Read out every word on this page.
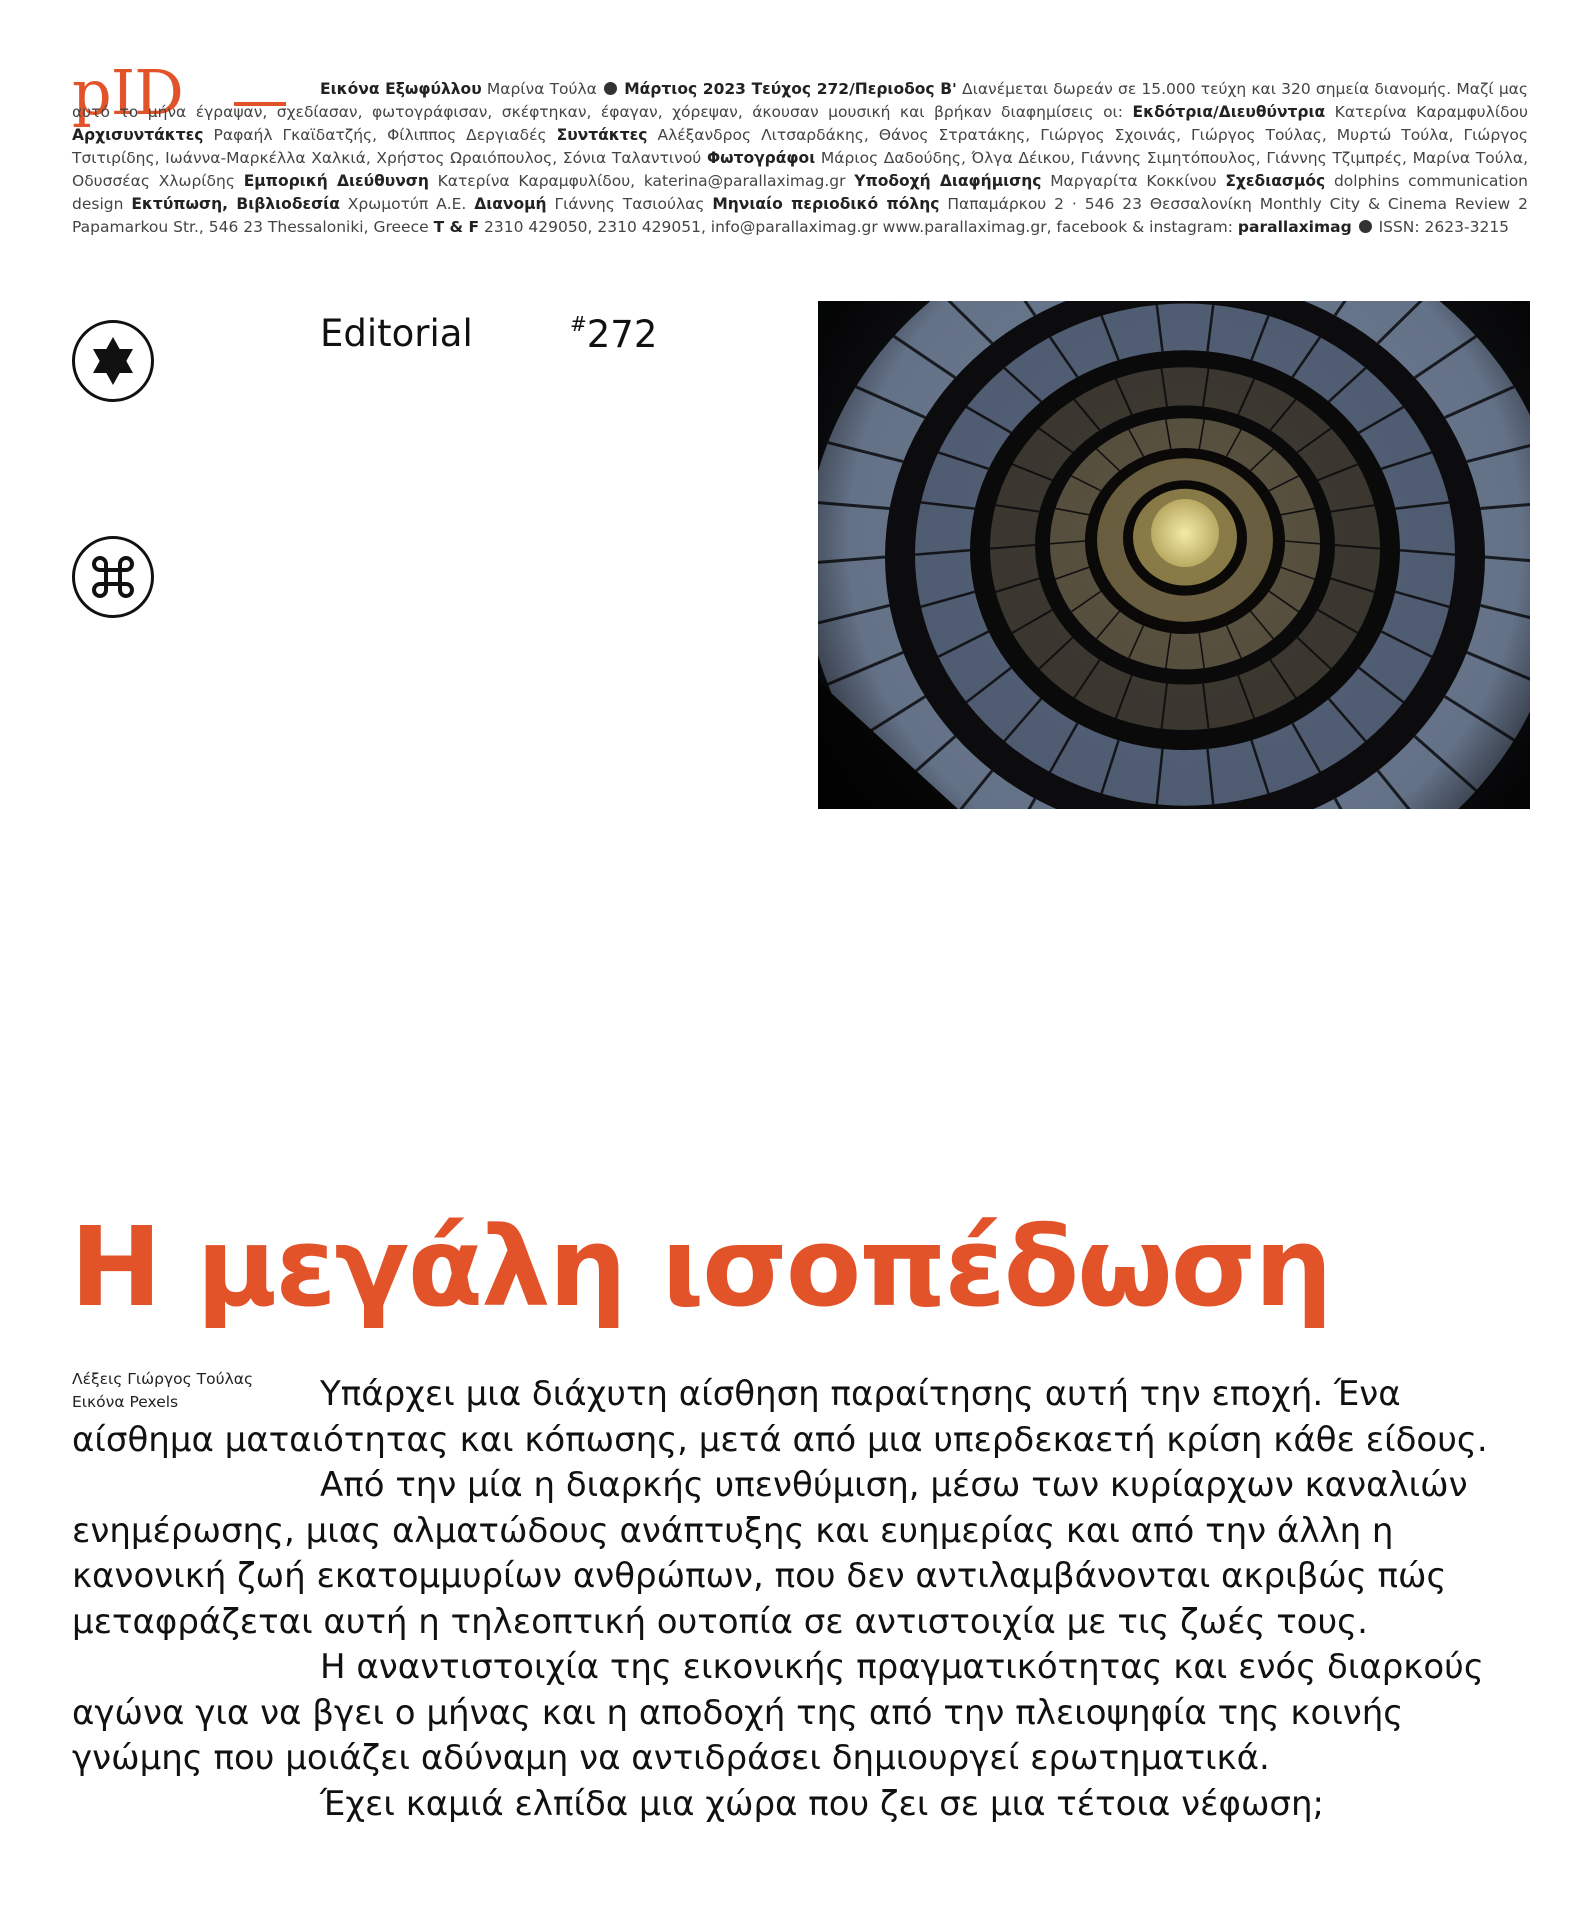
pID	Εικόνα Εξωφύλλου Μαρίνα Τούλα Μάρτιος 2023 Τεύχος 272/Περιοδος Β' Διανέμεται δωρεάν σε 15.000 τεύχη και 320 σημεία διανομής. Μαζί μας αυτό το μήνα έγραψαν, σχεδίασαν, φωτογράφισαν, σκέφτηκαν, έφαγαν, χόρεψαν, άκουσαν μουσική και βρήκαν διαφημίσεις οι: Εκδότρια/Διευθύντρια Κατερίνα Καραμφυλίδου Αρχισυντάκτες Ραφαήλ Γκαϊδατζής, Φίλιππος Δεργιαδές Συντάκτες Αλέξανδρος Λιτσαρδάκης, Θάνος Στρατάκης, Γιώργος Σχοινάς, Γιώργος Τούλας, Μυρτώ Τούλα, Γιώργος Τσιτιρίδης, Ιωάννα-Μαρκέλλα Χαλκιά, Χρήστος Ωραιόπουλος, Σόνια Ταλαντινού Φωτογράφοι Μάριος Δαδούδης, Όλγα Δέικου, Γιάννης Σιμητόπουλος, Γιάννης Τζιμπρές, Μαρίνα Τούλα, Οδυσσέας Χλωρίδης Εμπορική Διεύθυνση Κατερίνα Καραμφυλίδου, katerina@parallaximag.gr Υποδοχή Διαφήμισης Μαργαρίτα Κοκκίνου Σχεδιασμός dolphins communication design Εκτύπωση, Βιβλιοδεσία Χρωμοτύπ Α.Ε. Διανομή Γιάννης Τασιούλας Μηνιαίο περιοδικό πόλης Παπαμάρκου 2 · 546 23 Θεσσαλονίκη Monthly City & Cinema Review 2 Papamarkou Str., 546 23 Thessaloniki, Greece T & F 2310 429050, 2310 429051, info@parallaximag.gr www.parallaximag.gr, facebook & instagram: parallaximag ISSN: 2623-3215
Editorial	#272
Η μεγάλη ισοπέδωση
Λέξεις Γιώργος Τούλας
Εικόνα Pexels	Υπάρχει μια διάχυτη αίσθηση παραίτησης αυτή την εποχή. Ένα αίσθημα ματαιότητας και κόπωσης, μετά από μια υπερδεκαετή κρίση κάθε είδους.

Από την μία η διαρκής υπενθύμιση, μέσω των κυρίαρχων καναλιών ενημέρωσης, μιας αλματώδους ανάπτυξης και ευημερίας και από την άλλη η κανονική ζωή εκατομμυρίων ανθρώπων, που δεν αντιλαμβάνονται ακριβώς πώς μεταφράζεται αυτή η τηλεοπτική ουτοπία σε αντιστοιχία με τις ζωές τους.

Η αναντιστοιχία της εικονικής πραγματικότητας και ενός διαρκούς αγώνα για να βγει ο μήνας και η αποδοχή της από την πλειοψηφία της κοινής γνώμης που μοιάζει αδύναμη να αντιδράσει δημιουργεί ερωτηματικά.

Έχει καμιά ελπίδα μια χώρα που ζει σε μια τέτοια νέφωση;
